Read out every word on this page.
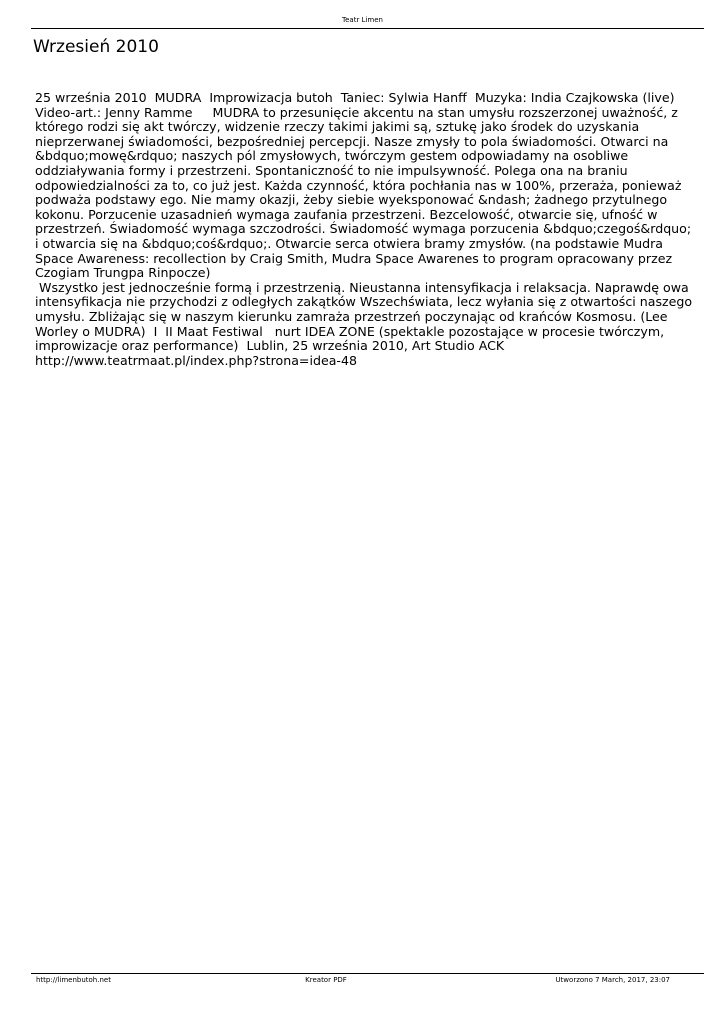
Teatr Limen
Wrzesień 2010

25 września 2010  MUDRA  Improwizacja butoh  Taniec: Sylwia Hanff  Muzyka: India Czajkowska (live) Video-art.: Jenny Ramme     MUDRA to przesunięcie akcentu na stan umysłu rozszerzonej uważność, z którego rodzi się akt twórczy, widzenie rzeczy takimi jakimi są, sztukę jako środek do uzyskania nieprzerwanej świadomości, bezpośredniej percepcji. Nasze zmysły to pola świadomości. Otwarci na &bdquo;mowę&rdquo; naszych pól zmysłowych, twórczym gestem odpowiadamy na osobliwe oddziaływania formy i przestrzeni. Spontaniczność to nie impulsywność. Polega ona na braniu odpowiedzialności za to, co już jest. Każda czynność, która pochłania nas w 100%, przeraża, ponieważ podważa podstawy ego. Nie mamy okazji, żeby siebie wyeksponować &ndash; żadnego przytulnego kokonu. Porzucenie uzasadnień wymaga zaufania przestrzeni. Bezcelowość, otwarcie się, ufność w przestrzeń. Świadomość wymaga szczodrości. Świadomość wymaga porzucenia &bdquo;czegoś&rdquo; i otwarcia się na &bdquo;coś&rdquo;. Otwarcie serca otwiera bramy zmysłów. (na podstawie Mudra Space Awareness: recollection by Craig Smith, Mudra Space Awarenes to program opracowany przez Czogiam Trungpa Rinpocze)

Wszystko jest jednocześnie formą i przestrzenią. Nieustanna intensyfikacja i relaksacja. Naprawdę owa intensyfikacja nie przychodzi z odległych zakątków Wszechświata, lecz wyłania się z otwartości naszego umysłu. Zbliżając się w naszym kierunku zamraża przestrzeń poczynając od krańców Kosmosu. (Lee Worley o MUDRA)  I  II Maat Festiwal   nurt IDEA ZONE (spektakle pozostające w procesie twórczym, improwizacje oraz performance)  Lublin, 25 września 2010, Art Studio ACK

http://www.teatrmaat.pl/index.php?strona=idea-48

http://limenbutoh.net	Kreator PDF	Utworzono 7 March, 2017, 23:07
